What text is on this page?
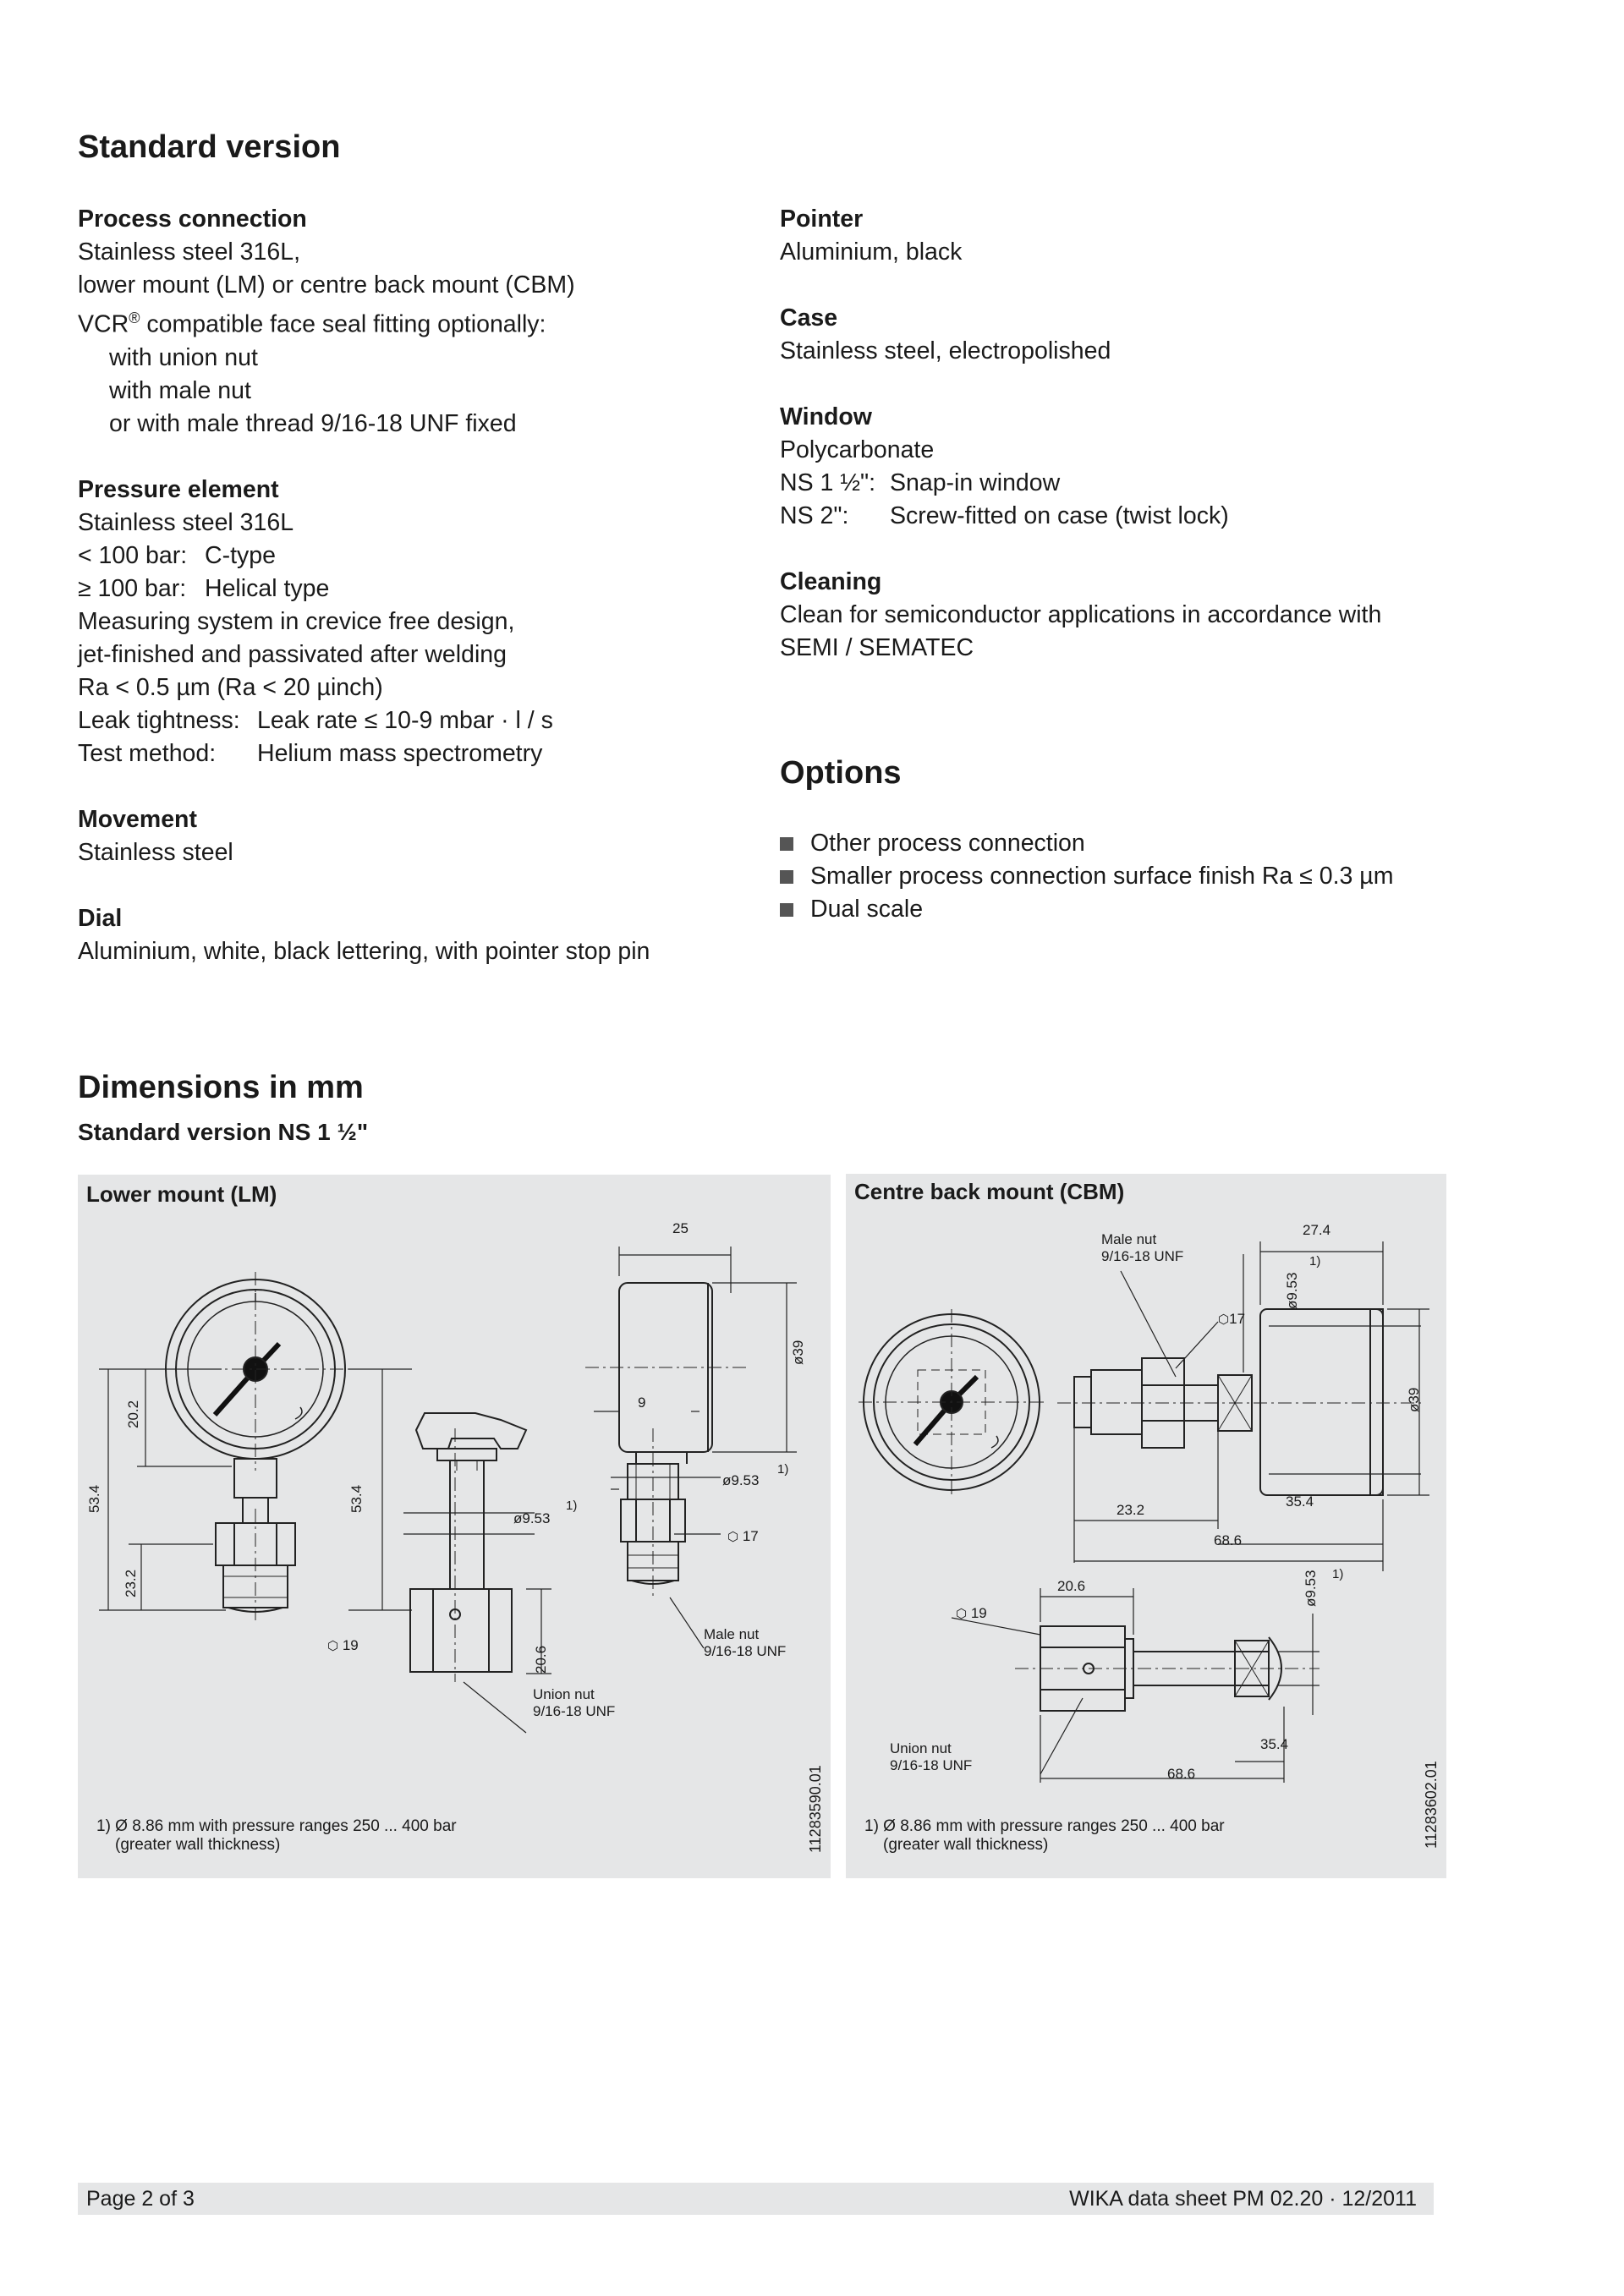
Standard version
Process connection
Stainless steel 316L,
lower mount (LM) or centre back mount (CBM)
VCR® compatible face seal fitting optionally:
with union nut
with male nut
or with male thread 9/16-18 UNF fixed
Pressure element
Stainless steel 316L
< 100 bar: C-type
≥ 100 bar: Helical type
Measuring system in crevice free design,
jet-finished and passivated after welding
Ra < 0.5 µm (Ra < 20 µinch)
Leak tightness: Leak rate ≤ 10-9 mbar · l / s
Test method:	Helium mass spectrometry
Movement
Stainless steel
Dial
Aluminium, white, black lettering, with pointer stop pin
Pointer
Aluminium, black
Case
Stainless steel, electropolished
Window
Polycarbonate
NS 1 ½": Snap-in window
NS 2":	Screw-fitted on case (twist lock)
Cleaning
Clean for semiconductor applications in accordance with
SEMI / SEMATEC
Options
Other process connection
Smaller process connection surface finish Ra ≤ 0.3 µm
Dual scale
Dimensions in mm
Standard version NS 1 ½"
Lower mount (LM)
25
ø39
20.2
53.4
23.2
53.4
9
ø9.53
1)
ø9.53
1)
20.6
⬡ 19
⬡ 17
Male nut
9/16-18 UNF
Union nut
9/16-18 UNF
1) Ø 8.86 mm with pressure ranges 250 ... 400 bar
(greater wall thickness)	11283590.01
Centre back mount (CBM)
27.4
ø9.53
1)
ø39
23.2
35.4
68.6
20.6	ø9.53 1)
35.4
68.6
⬡17
⬡ 19
Male nut
9/16-18 UNF
Union nut
9/16-18 UNF
1) Ø 8.86 mm with pressure ranges 250 ... 400 bar
(greater wall thickness)	11283602.01
Page 2 of 3	WIKA data sheet PM 02.20 · 12/2011
